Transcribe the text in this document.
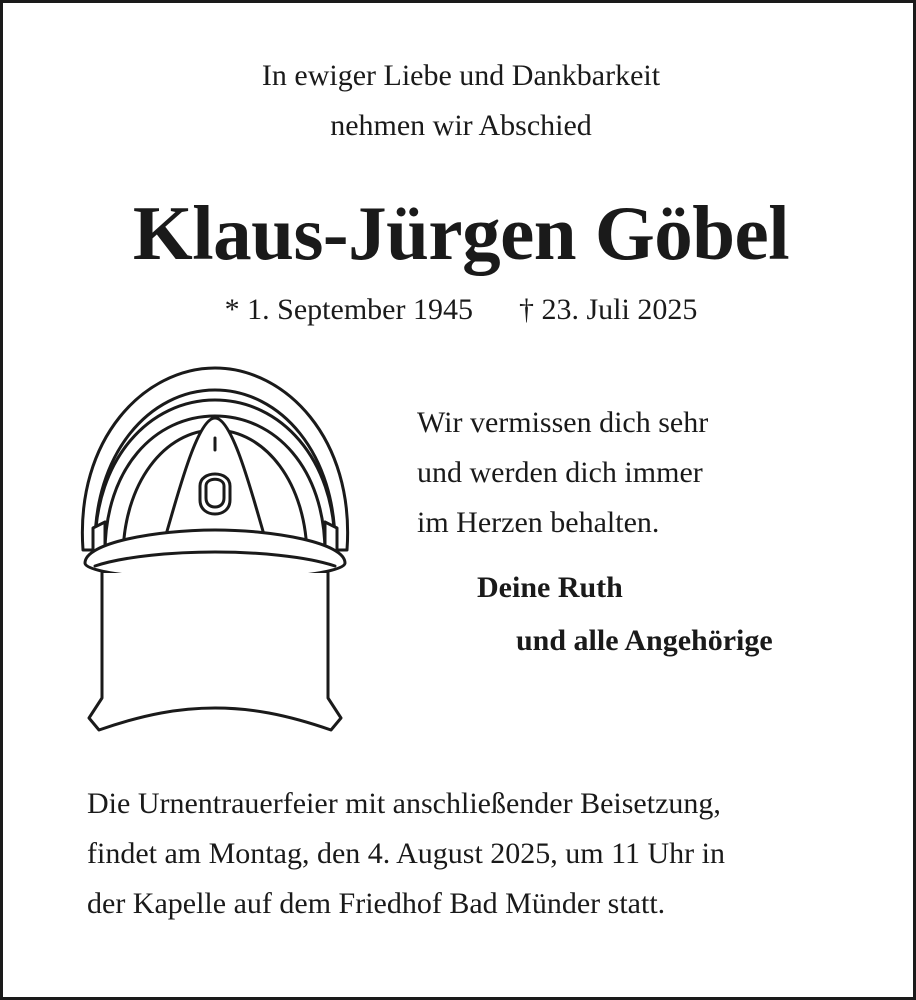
In ewiger Liebe und Dankbarkeit
nehmen wir Abschied
Klaus-Jürgen Göbel
* 1. September 1945 † 23. Juli 2025
Wir vermissen dich sehr
und werden dich immer
im Herzen behalten.
Deine Ruth
und alle Angehörige
Die Urnentrauerfeier mit anschließender Beisetzung,
findet am Montag, den 4. August 2025, um 11 Uhr in
der Kapelle auf dem Friedhof Bad Münder statt.
